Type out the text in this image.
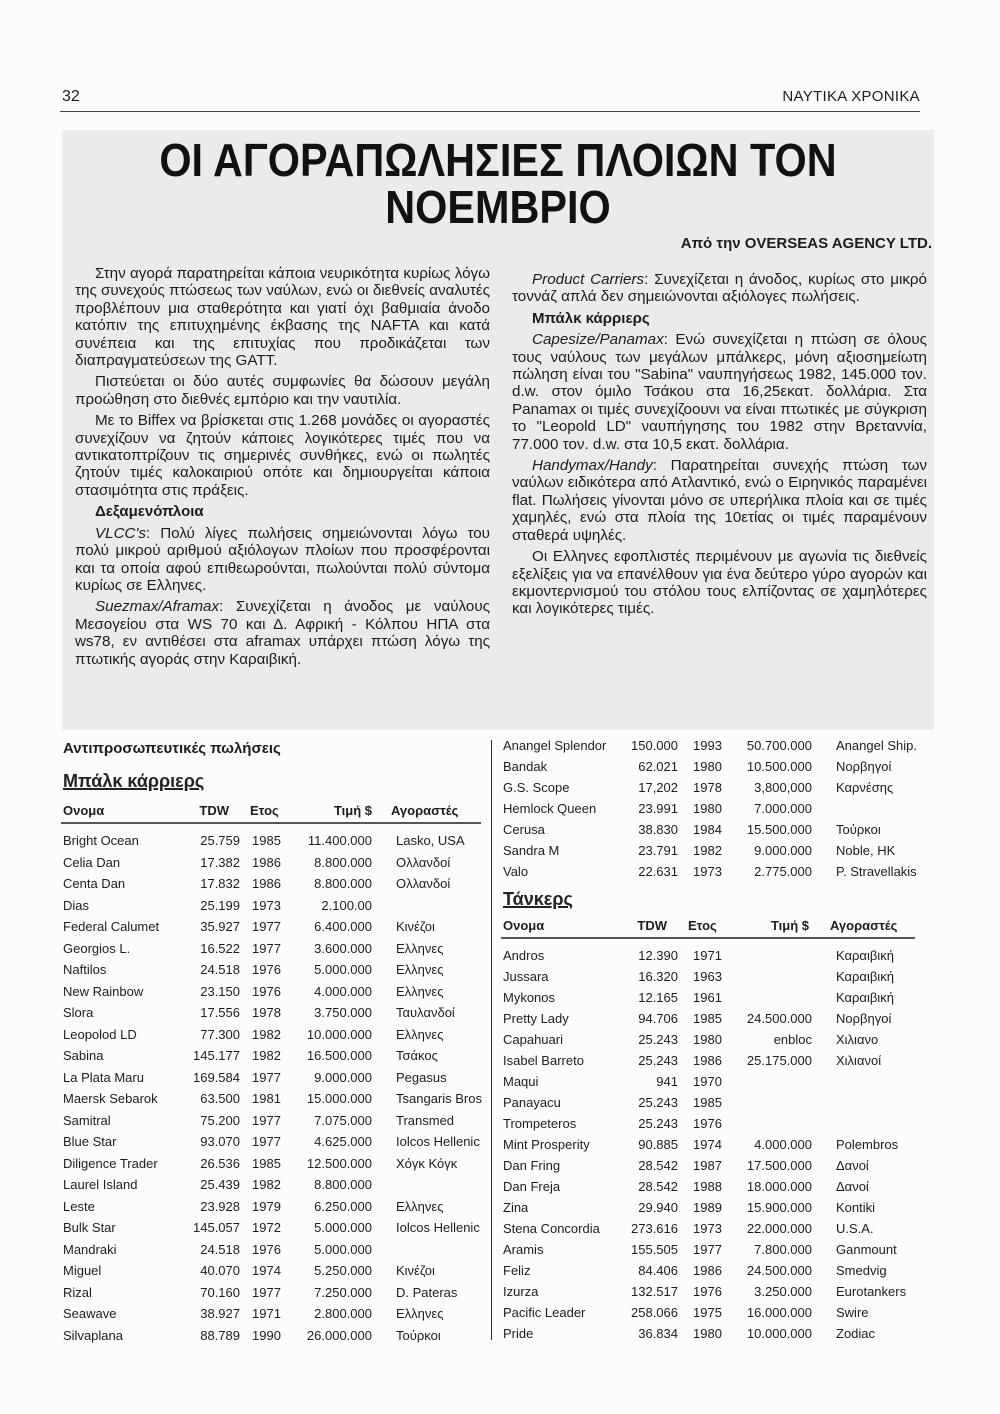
32	ΝΑΥΤΙΚΑ ΧΡΟΝΙΚΑ
ΟΙ ΑΓΟΡΑΠΩΛΗΣΙΕΣ ΠΛΟΙΩΝ ΤΟΝ
ΝΟΕΜΒΡΙΟ
Από την OVERSEAS AGENCY LTD.

Στην αγορά παρατηρείται κάποια νευρικότητα κυρίως λόγω της συνεχούς πτώσεως των ναύλων, ενώ οι διεθνείς αναλυτές προβλέπουν μια σταθερότητα και γιατί όχι βαθμιαία άνοδο κατόπιν της επιτυχημένης έκβασης της NAFTA και κατά συνέπεια και της επιτυχίας που προδικάζεται των διαπραγματεύσεων της GATT.

Πιστεύεται οι δύο αυτές συμφωνίες θα δώσουν μεγάλη προώθηση στο διεθνές εμπόριο και την ναυτιλία.

Με το Biffex να βρίσκεται στις 1.268 μονάδες οι αγοραστές συνεχίζουν να ζητούν κάποιες λογικότερες τιμές που να αντικατοπτρίζουν τις σημερινές συνθήκες, ενώ οι πωλητές ζητούν τιμές καλοκαιριού οπότε και δημιουργείται κάποια στασιμότητα στις πράξεις.

Δεξαμενόπλοια

VLCC's: Πολύ λίγες πωλήσεις σημειώνονται λόγω του πολύ μικρού αριθμού αξιόλογων πλοίων που προσφέρονται και τα οποία αφού επιθεωρούνται, πωλούνται πολύ σύντομα κυρίως σε Ελληνες.

Suezmax/Aframax: Συνεχίζεται η άνοδος με ναύλους Μεσογείου στα WS 70 και Δ. Αφρική - Κόλπου ΗΠΑ στα ws78, εν αντιθέσει στα aframax υπάρχει πτώση λόγω της πτωτικής αγοράς στην Καραιβική.

Product Carriers: Συνεχίζεται η άνοδος, κυρίως στο μικρό τοννάζ απλά δεν σημειώνονται αξιόλογες πωλήσεις.

Μπάλκ κάρριερς

Capesize/Panamax: Ενώ συνεχίζεται η πτώση σε όλους τους ναύλους των μεγάλων μπάλκερς, μόνη αξιοσημείωτη πώληση είναι του "Sabina" ναυπηγήσεως 1982, 145.000 τον. d.w. στον όμιλο Τσάκου στα 16,25εκατ. δολλάρια. Στα Panamax οι τιμές συνεχίζοουνι να είναι πτωτικές με σύγκριση το "Leopold LD" ναυπήγησης του 1982 στην Βρεταννία, 77.000 τον. d.w. στα 10,5 εκατ. δολλάρια.

Handymax/Handy: Παρατηρείται συνεχής πτώση των ναύλων ειδικότερα από Ατλαντικό, ενώ ο Ειρηνικός παραμένει flat. Πωλήσεις γίνονται μόνο σε υπερήλικα πλοία και σε τιμές χαμηλές, ενώ στα πλοία της 10ετίας οι τιμές παραμένουν σταθερά υψηλές.

Οι Ελληνες εφοπλιστές περιμένουν με αγωνία τις διεθνείς εξελίξεις για να επανέλθουν για ένα δεύτερο γύρο αγορών και εκμοντερνισμού του στόλου τους ελπίζοντας σε χαμηλότερες και λογικότερες τιμές.

Αντιπροσωπευτικές πωλήσεις
Μπάλκ κάρριερς
Τάνκερς
Ονομα	TDW Ετος	Τιμή $ Αγοραστές
Bright Ocean	25.759 1985 11.400.000 Lasko, USA
Celia Dan	17.382 1986	8.800.000 Ολλανδοί
Centa Dan	17.832 1986	8.800.000 Ολλανδοί
Dias	25.199 1973	2.100.00
Federal Calumet	35.927 1977	6.400.000 Κινέζοι
Georgios L.	16.522 1977	3.600.000 Ελληνες
Naftilos	24.518 1976	5.000.000 Ελληνες
New Rainbow	23.150 1976	4.000.000 Ελληνες
Slora	17.556 1978	3.750.000 Ταυλανδοί
Leopolod LD	77.300 1982 10.000.000 Ελληνες
Sabina	145.177 1982 16.500.000 Τσάκος
La Plata Maru	169.584 1977	9.000.000 Pegasus
Maersk Sebarok	63.500 1981 15.000.000 Tsangaris Bros
Samitral	75.200 1977	7.075.000 Transmed
Blue Star	93.070 1977	4.625.000 Iolcos Hellenic
Diligence Trader	26.536 1985 12.500.000 Χόγκ Κόγκ
Laurel Island	25.439 1982	8.800.000
Leste	23.928 1979	6.250.000 Ελληνες
Bulk Star	145.057 1972	5.000.000 Iolcos Hellenic
Mandraki	24.518 1976	5.000.000
Miguel	40.070 1974	5.250.000 Κινέζοι
Rizal	70.160 1977	7.250.000 D. Pateras
Seawave	38.927 1971	2.800.000 Ελληνες
Silvaplana	88.789 1990 26.000.000 Τούρκοι
Anangel Splendor 150.000 1993 50.700.000 Anangel Ship.
Bandak	62.021 1980 10.500.000 Νορβηγοί
G.S. Scope	17,202 1978 3,800,000 Καρνέσης
Hemlock Queen	23.991 1980 7.000.000
Cerusa	38.830 1984 15.500.000 Τούρκοι
Sandra M	23.791 1982 9.000.000 Noble, HK
Valo	22.631 1973 2.775.000 P. Stravellakis
Ονομα	TDW Ετος	Τιμή $ Αγοραστές
Andros	12.390 1971	Καραιβική
Jussara	16.320 1963	Καραιβική
Mykonos	12.165 1961	Καραιβική
Pretty Lady	94.706 1985 24.500.000 Νορβηγοί
Capahuari	25.243 1980	enbloc Χιλιανο
Isabel Barreto	25.243 1986 25.175.000 Χιλιανοί
Maqui	941 1970
Panayacu	25.243 1985
Trompeteros	25.243 1976
Mint Prosperity	90.885 1974 4.000.000 Polembros
Dan Fring	28.542 1987 17.500.000 Δανοί
Dan Freja	28.542 1988 18.000.000 Δανοί
Zina	29.940 1989 15.900.000 Kontiki
Stena Concordia 273.616 1973 22.000.000 U.S.A.
Aramis	155.505 1977 7.800.000 Ganmount
Feliz	84.406 1986 24.500.000 Smedvig
Izurza	132.517 1976 3.250.000 Eurotankers
Pacific Leader	258.066 1975 16.000.000 Swire
Pride	36.834 1980 10.000.000 Zodiac
